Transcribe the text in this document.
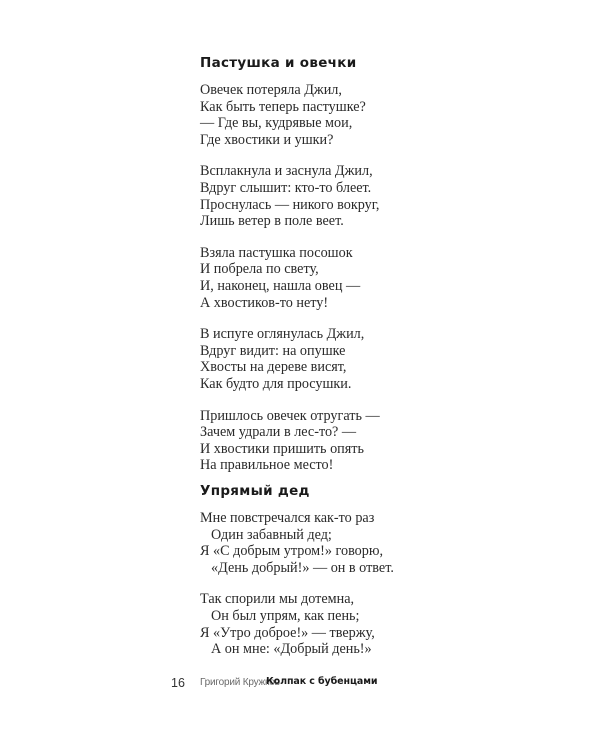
Пастушка и овечки
Овечек потеряла Джил,
Как быть теперь пастушке?
— Где вы, кудрявые мои,
Где хвостики и ушки?
Всплакнула и заснула Джил,
Вдруг слышит: кто-то блеет.
Проснулась — никого вокруг,
Лишь ветер в поле веет.
Взяла пастушка посошок
И побрела по свету,
И, наконец, нашла овец —
А хвостиков-то нету!
В испуге оглянулась Джил,
Вдруг видит: на опушке
Хвосты на дереве висят,
Как будто для просушки.
Пришлось овечек отругать —
Зачем удрали в лес-то? —
И хвостики пришить опять
На правильное место!
Упрямый дед
Мне повстречался как-то раз
Один забавный дед;
Я «С добрым утром!» говорю,
«День добрый!» — он в ответ.
Так спорили мы дотемна,
Он был упрям, как пень;
Я «Утро доброе!» — твержу,
А он мне: «Добрый день!»
16 Григорий Кружков
Колпак с бубенцами
